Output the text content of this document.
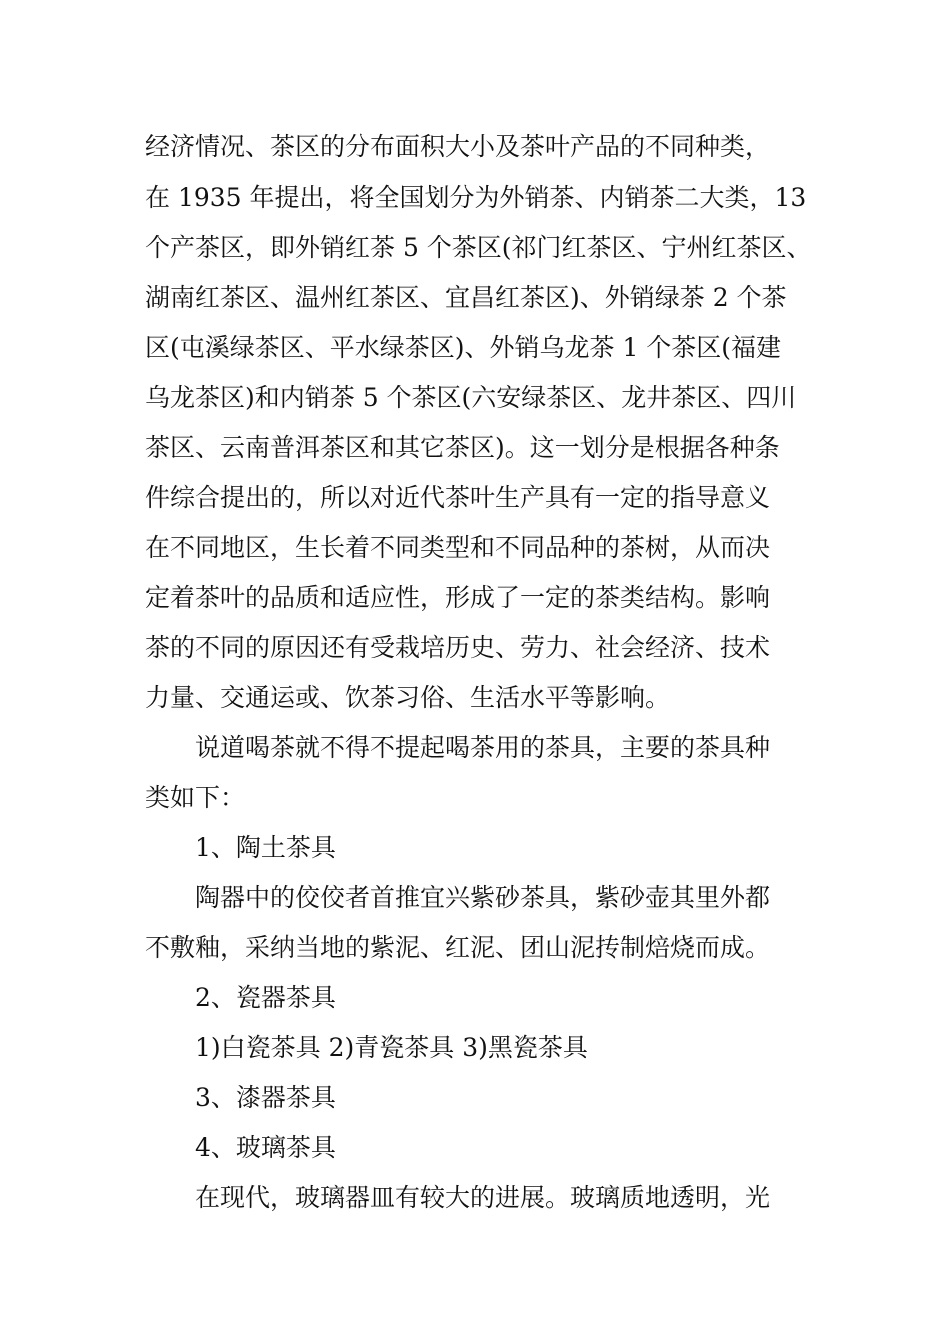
经济情况、茶区的分布面积大小及茶叶产品的不同种类，
在 1935 年提出，将全国划分为外销茶、内销茶二大类，13
个产茶区，即外销红茶 5 个茶区(祁门红茶区、宁州红茶区、
湖南红茶区、温州红茶区、宜昌红茶区)、外销绿茶 2 个茶
区(屯溪绿茶区、平水绿茶区)、外销乌龙茶 1 个茶区(福建
乌龙茶区)和内销茶 5 个茶区(六安绿茶区、龙井茶区、四川
茶区、云南普洱茶区和其它茶区)。这一划分是根据各种条
件综合提出的，所以对近代茶叶生产具有一定的指导意义
在不同地区，生长着不同类型和不同品种的茶树，从而决
定着茶叶的品质和适应性，形成了一定的茶类结构。影响
茶的不同的原因还有受栽培历史、劳力、社会经济、技术
力量、交通运或、饮茶习俗、生活水平等影响。
说道喝茶就不得不提起喝茶用的茶具，主要的茶具种
类如下：
1、陶土茶具
陶器中的佼佼者首推宜兴紫砂茶具，紫砂壶其里外都
不敷釉，采纳当地的紫泥、红泥、团山泥抟制焙烧而成。
2、瓷器茶具
1)白瓷茶具 2)青瓷茶具 3)黑瓷茶具
3、漆器茶具
4、玻璃茶具
在现代，玻璃器皿有较大的进展。玻璃质地透明，光
